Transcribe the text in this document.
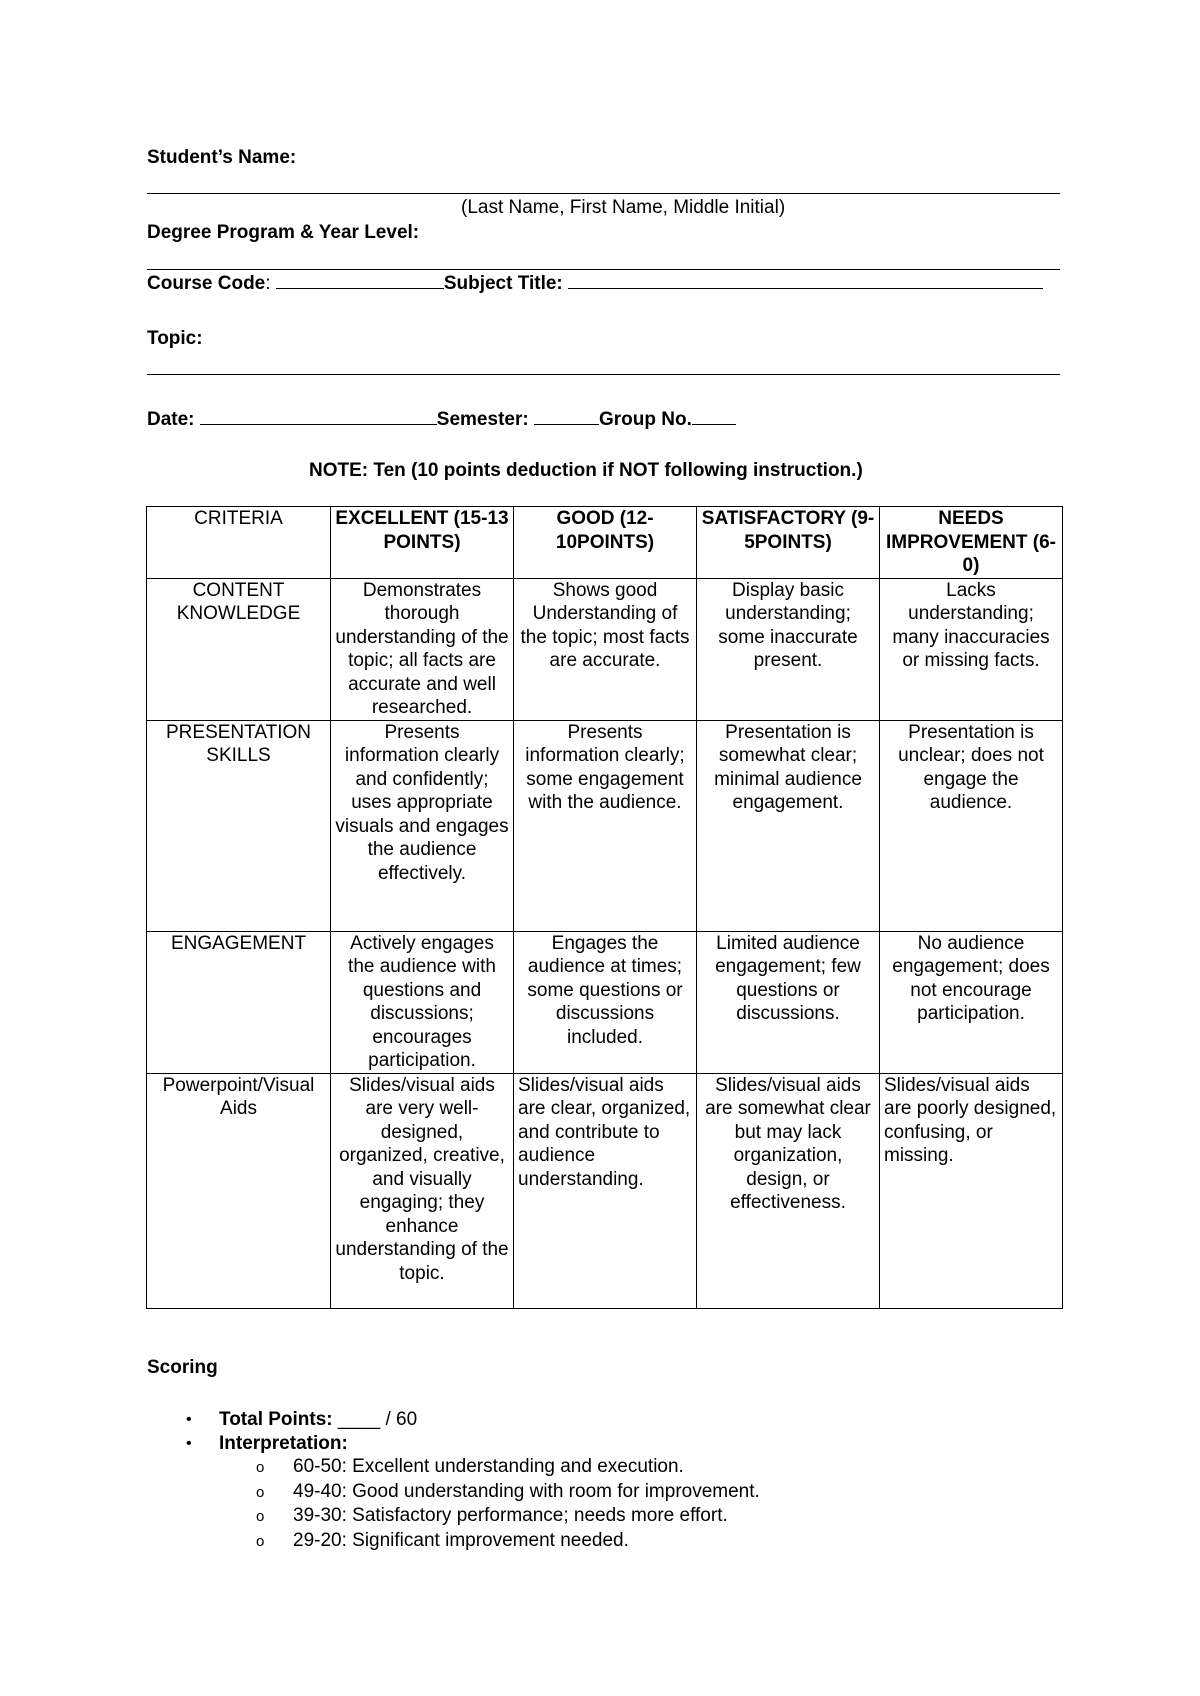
Student’s Name:
(Last Name, First Name, Middle Initial)
Degree Program & Year Level:
Course Code:	Subject Title:
Topic:
Date:	Semester:	Group No.
NOTE: Ten (10 points deduction if NOT following instruction.)
CRITERIA	EXCELLENT (15-13 POINTS)	GOOD (12-10POINTS)	SATISFACTORY (9-5POINTS)	NEEDS IMPROVEMENT (6-0)
CONTENT KNOWLEDGE	Demonstrates thorough understanding of the topic; all facts are accurate and well researched.	Shows good Understanding of the topic; most facts are accurate.	Display basic understanding; some inaccurate present.	Lacks understanding; many inaccuracies or missing facts.
PRESENTATION SKILLS	Presents information clearly and confidently; uses appropriate visuals and engages the audience effectively.	Presents information clearly; some engagement with the audience.	Presentation is somewhat clear; minimal audience engagement.	Presentation is unclear; does not engage the audience.
ENGAGEMENT	Actively engages the audience with questions and discussions; encourages participation.	Engages the audience at times; some questions or discussions included.	Limited audience engagement; few questions or discussions.	No audience engagement; does not encourage participation.
Powerpoint/Visual Aids	Slides/visual aids are very well-designed, organized, creative, and visually engaging; they enhance understanding of the topic.	Slides/visual aids are clear, organized, and contribute to audience understanding.	Slides/visual aids are somewhat clear but may lack organization, design, or effectiveness.	Slides/visual aids are poorly designed, confusing, or missing.
Scoring
• Total Points: ____ / 60
• Interpretation:
o 60-50: Excellent understanding and execution.
o 49-40: Good understanding with room for improvement.
o 39-30: Satisfactory performance; needs more effort.
o 29-20: Significant improvement needed.
